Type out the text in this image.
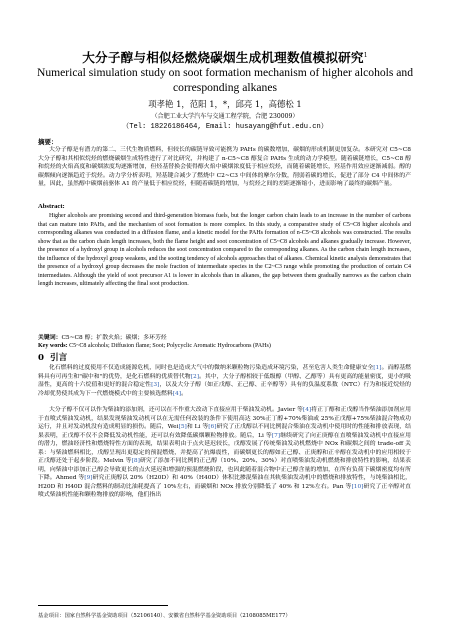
大分子醇与相似烃燃烧碳烟生成机理数值模拟研究$^1$
Numerical simulation study on soot formation mechanism of higher alcohols and corresponding alkanes
项孝艳 1，范阳 1，*，邱亮 1，高德松 1
（合肥工业大学汽车与交通工程学院，合肥 230009）
（Tel: 18226186464, Email: husayang@hfut.edu.cn）
摘要：
大分子醇是有潜力的第二、三代生物质燃料，但较长的碳链导致可能携为 PAHs 的碳数增加，碳烟的形成机制更加复杂。本研究对 C5~C8 大分子醇和其相似烷烃的燃烧碳烟生成特性进行了对比研究，并构建了 n-C5~C8 醇复合 PAHs 生成的动力学模型。随着碳链增长，C5~C8 醇和烷烃的火焰高度和碳烟浓度均逐渐增加，但烃基替换会使得醇火焰中碳烟浓度低于相应烷烃，而随着碳链增长，羟基作用效应逐渐减弱。醇的碳烟倾向逐渐趋近于烷烃。动力学分析表明，羟基键合减少了燃烧中 C2~C3 中间体的摩尔分数，削弱着碳的增长，促进了部分 C4 中间体的产量，因此，虽然醇中碳烟前驱体 A1 的产量低于相应烷烃，但随着碳链的增加，与烷烃之间的差距逐渐缩小，进而影响了最终的碳烟产量。
Abstract:
Higher alcohols are promising second and third-generation biomass fuels, but the longer carbon chain leads to an increase in the number of carbons that can mature into PAHs, and the mechanism of soot formation is more complex. In this study, a comparative study of C5~C8 higher alcohols and corresponding alkanes was conducted in a diffusion flame, and a kinetic model for the PAHs formation of n-C5~C8 alcohols was constructed. The results show that as the carbon chain length increases, both the flame height and soot concentration of C5~C8 alcohols and alkanes gradually increase. However, the presence of a hydroxyl group in alcohols reduces the soot concentration compared to the corresponding alkanes. As the carbon chain length increases, the influence of the hydroxyl group weakens, and the sooting tendency of alcohols approaches that of alkanes. Chemical kinetic analysis demonstrates that the presence of a hydroxyl group decreases the mole fraction of intermediate species in the C2~C3 range while promoting the production of certain C4 intermediates. Although the yield of soot precursor A1 is lower in alcohols than in alkanes, the gap between them gradually narrows as the carbon chain length increases, ultimately affecting the final soot production.
关键词：C5~C8 醇；扩散火焰；碳烟；多环芳烃
Key words: C5~C8 alcohols; Diffusion flame; Soot; Polycyclic Aromatic Hydrocarbons (PAHs)
0 引言
化石燃料的过度使用不仅造成能源危机，同时也是造成大气中的微纳米颗粒物污染造成环境污染，甚至危害人类生命健康安全[1]。而醇基燃料具有可再生和"碳中和"的优势，是化石燃料的优质替代物[2]。其中，大分子醇相较于低级醇（甲醇、乙醇等）具有更高的能量密度，更小的吸湿性，更高的十六烷值和更好的混合稳定性[3]，以及大分子醇（如正戊醇、正己醇、正辛醇等）具有的负温度系数（NTC）行为和接近烷烃的冷却优势使其成为下一代燃烧模式中的主要候选燃料[4]。
大分子醇不仅可以作为柴油的添加剂，还可以在不作重大改动下直接应用于柴油发动机。Javier 等[4]将正丁醇和正戊醇当作柴油添加剂应用于直喷式柴油发动机，结果发现柴油发动机可以在无需任何改装的条件下使用高达 30%正丁醇+70%柴油或 25%正戊醇+75%柴油混合物成功运行，并且对发动机没有造成明显的损伤。随后，Wei[5]和 Li 等[6]研究了正戊醇以不同比例混合柴油在发动机中使用时的性能和排放表现，结果表明，正戊醇不仅不会降低发动机性能，还可以有效降低碳烟颗粒物排放。随后，Li 等[7]继续研究了向正庚醇在直喷柴油发动机中直接应用的潜力，燃油经济性和燃烧特性方面的表现，结果表明由于点火延迟较长，戊醇发展了传统柴油发动机燃烧中 NOx 和碳烟之间的 trade-off 关系：与柴油燃料相比，戊醇呈现出更稳定的预混燃烧，并提高了抗爆震性，而碳烟更长的醇如正己醇、正庚醇和正辛醇在发动机中的应用相较于正戊醇还处于起步阶段。Melvin 等[8]研究了添加不同比例的正己醇（10%、20%、30%）对直喷柴油发动机燃烧和排放特性的影响，结果表明，向柴油中添加正己醇会导致更长的点火延迟和增强的预混燃烧阶段，也因此随着混合物中正己醇含量的增加，在所有负荷下碳烟密度均有所下降。Ahmed 等[9]研究正庚醇以 20%（H20D）和 40%（H40D）体积比掺混柴油在其轨柴油发动机中的燃烧和排放特性，与纯柴油相比，H20D 和 H40D 混合燃料的制动比油耗提高了 10%左右，而碳烟和 NOx 排放分别降低了 40% 和 12%左右。Pan 等[10]研究了正辛醇对直喷式柴油机性能和颗粒物排放的影响，他们指出
基金项目：国家自然科学基金资助项目（52106140）、安徽省自然科学基金资助项目（2108085ME177）
